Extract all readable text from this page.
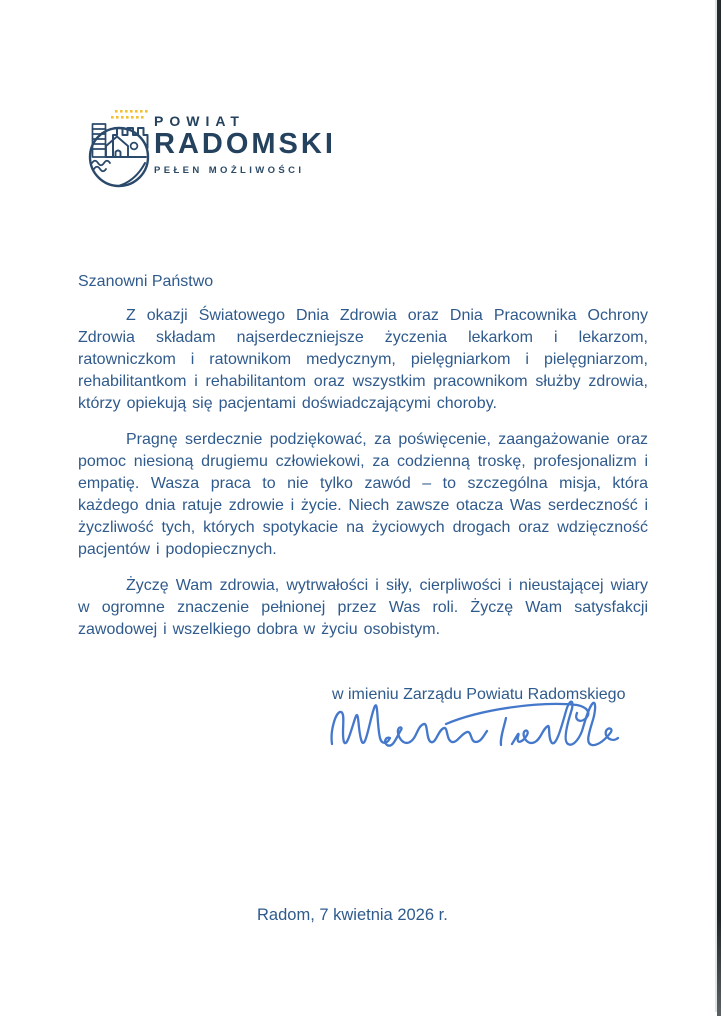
POWIAT
RADOMSKI
PEŁEN MOŻLIWOŚCI

Szanowni Państwo

Z okazji Światowego Dnia Zdrowia oraz Dnia Pracownika Ochrony Zdrowia składam najserdeczniejsze życzenia lekarkom i lekarzom, ratowniczkom i ratownikom medycznym, pielęgniarkom i pielęgniarzom, rehabilitantkom i rehabilitantom oraz wszystkim pracownikom służby zdrowia, którzy opiekują się pacjentami doświadczającymi choroby.

Pragnę serdecznie podziękować, za poświęcenie, zaangażowanie oraz pomoc niesioną drugiemu człowiekowi, za codzienną troskę, profesjonalizm i empatię. Wasza praca to nie tylko zawód – to szczególna misja, która każdego dnia ratuje zdrowie i życie. Niech zawsze otacza Was serdeczność i życzliwość tych, których spotykacie na życiowych drogach oraz wdzięczność pacjentów i podopiecznych.

Życzę Wam zdrowia, wytrwałości i siły, cierpliwości i nieustającej wiary w ogromne znaczenie pełnionej przez Was roli. Życzę Wam satysfakcji zawodowej i wszelkiego dobra w życiu osobistym.

w imieniu Zarządu Powiatu Radomskiego
Radom, 7 kwietnia 2026 r.
